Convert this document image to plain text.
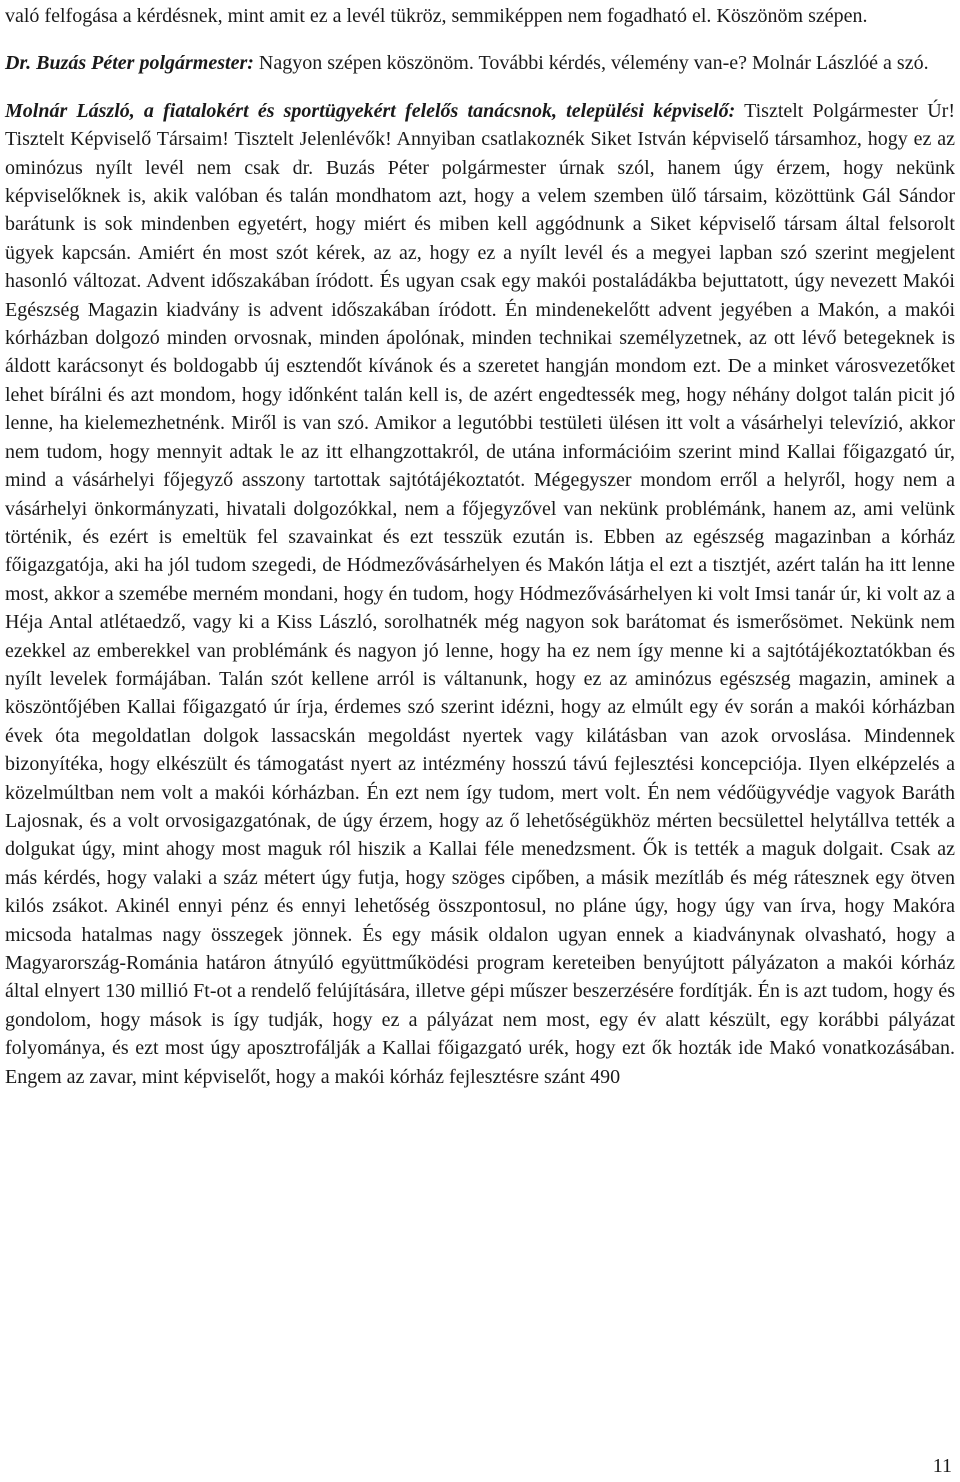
való felfogása a kérdésnek, mint amit ez a levél tükröz, semmiképpen nem fogadható el. Köszönöm szépen.

Dr. Buzás Péter polgármester: Nagyon szépen köszönöm. További kérdés, vélemény van-e? Molnár Lászlóé a szó.

Molnár László, a fiatalokért és sportügyekért felelős tanácsnok, települési képviselő: Tisztelt Polgármester Úr! Tisztelt Képviselő Társaim! Tisztelt Jelenlévők! Annyiban csatlakoznék Siket István képviselő társamhoz, hogy ez az ominózus nyílt levél nem csak dr. Buzás Péter polgármester úrnak szól, hanem úgy érzem, hogy nekünk képviselőknek is, akik valóban és talán mondhatom azt, hogy a velem szemben ülő társaim, közöttünk Gál Sándor barátunk is sok mindenben egyetért, hogy miért és miben kell aggódnunk a Siket képviselő társam által felsorolt ügyek kapcsán. Amiért én most szót kérek, az az, hogy ez a nyílt levél és a megyei lapban szó szerint megjelent hasonló változat. Advent időszakában íródott. És ugyan csak egy makói postaládákba bejuttatott, úgy nevezett Makói Egészség Magazin kiadvány is advent időszakában íródott. Én mindenekelőtt advent jegyében a Makón, a makói kórházban dolgozó minden orvosnak, minden ápolónak, minden technikai személyzetnek, az ott lévő betegeknek is áldott karácsonyt és boldogabb új esztendőt kívánok és a szeretet hangján mondom ezt. De a minket városvezetőket lehet bírálni és azt mondom, hogy időnként talán kell is, de azért engedtessék meg, hogy néhány dolgot talán picit jó lenne, ha kielemezhetnénk. Miről is van szó. Amikor a legutóbbi testületi ülésen itt volt a vásárhelyi televízió, akkor nem tudom, hogy mennyit adtak le az itt elhangzottakról, de utána információim szerint mind Kallai főigazgató úr, mind a vásárhelyi főjegyző asszony tartottak sajtótájékoztatót. Mégegyszer mondom erről a helyről, hogy nem a vásárhelyi önkormányzati, hivatali dolgozókkal, nem a főjegyzővel van nekünk problémánk, hanem az, ami velünk történik, és ezért is emeltük fel szavainkat és ezt tesszük ezután is. Ebben az egészség magazinban a kórház főigazgatója, aki ha jól tudom szegedi, de Hódmezővásárhelyen és Makón látja el ezt a tisztjét, azért talán ha itt lenne most, akkor a szemébe merném mondani, hogy én tudom, hogy Hódmezővásárhelyen ki volt Imsi tanár úr, ki volt az a Héja Antal atlétaedző, vagy ki a Kiss László, sorolhatnék még nagyon sok barátomat és ismerősömet. Nekünk nem ezekkel az emberekkel van problémánk és nagyon jó lenne, hogy ha ez nem így menne ki a sajtótájékoztatókban és nyílt levelek formájában. Talán szót kellene arról is váltanunk, hogy ez az aminózus egészség magazin, aminek a köszöntőjében Kallai főigazgató úr írja, érdemes szó szerint idézni, hogy az elmúlt egy év során a makói kórházban évek óta megoldatlan dolgok lassacskán megoldást nyertek vagy kilátásban van azok orvoslása. Mindennek bizonyítéka, hogy elkészült és támogatást nyert az intézmény hosszú távú fejlesztési koncepciója. Ilyen elképzelés a közelmúltban nem volt a makói kórházban. Én ezt nem így tudom, mert volt. Én nem védőügyvédje vagyok Baráth Lajosnak, és a volt orvosigazgatónak, de úgy érzem, hogy az ő lehetőségükhöz mérten becsülettel helytállva tették a dolgukat úgy, mint ahogy most maguk ról hiszik a Kallai féle menedzsment. Ők is tették a maguk dolgait. Csak az más kérdés, hogy valaki a száz métert úgy futja, hogy szöges cipőben, a másik mezítláb és még rátesznek egy ötven kilós zsákot. Akinél ennyi pénz és ennyi lehetőség összpontosul, no pláne úgy, hogy úgy van írva, hogy Makóra micsoda hatalmas nagy összegek jönnek. És egy másik oldalon ugyan ennek a kiadványnak olvasható, hogy a Magyarország-Románia határon átnyúló együttműködési program kereteiben benyújtott pályázaton a makói kórház által elnyert 130 millió Ft-ot a rendelő felújítására, illetve gépi műszer beszerzésére fordítják. Én is azt tudom, hogy és gondolom, hogy mások is így tudják, hogy ez a pályázat nem most, egy év alatt készült, egy korábbi pályázat folyománya, és ezt most úgy aposztrofálják a Kallai főigazgató urék, hogy ezt ők hozták ide Makó vonatkozásában. Engem az zavar, mint képviselőt, hogy a makói kórház fejlesztésre szánt 490

11
